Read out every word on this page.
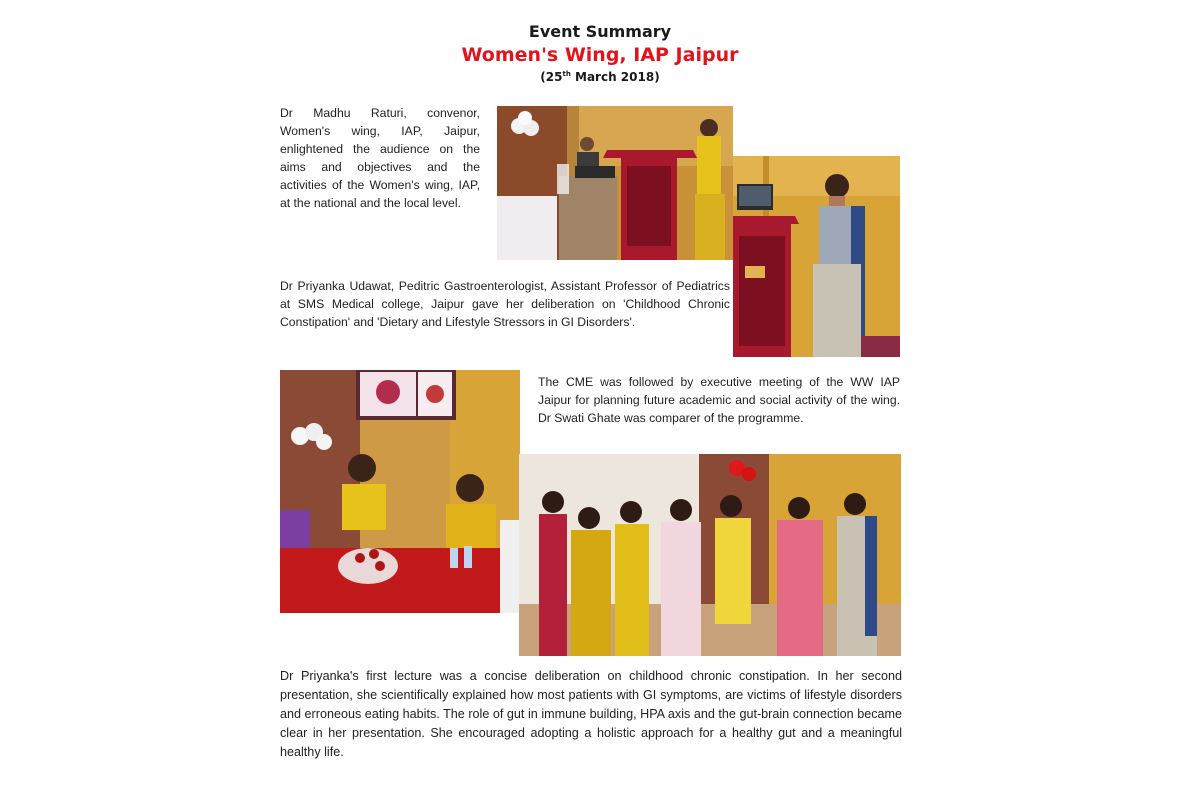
Event Summary
Women's Wing, IAP Jaipur
(25th March 2018)
Dr Madhu Raturi, convenor, Women's wing, IAP, Jaipur, enlightened the audience on the aims and objectives and the activities of the Women's wing, IAP, at the national and the local level.
Dr Priyanka Udawat, Peditric Gastroenterologist, Assistant Professor of Pediatrics at SMS Medical college, Jaipur gave her deliberation on 'Childhood Chronic Constipation' and 'Dietary and Lifestyle Stressors in GI Disorders'.
The CME was followed by executive meeting of the WW IAP Jaipur for planning future academic and social activity of the wing. Dr Swati Ghate was comparer of the programme.
Dr Priyanka's first lecture was a concise deliberation on childhood chronic constipation. In her second presentation, she scientifically explained how most patients with GI symptoms, are victims of lifestyle disorders and erroneous eating habits. The role of gut in immune building, HPA axis and the gut-brain connection became clear in her presentation. She encouraged adopting a holistic approach for a healthy gut and a meaningful healthy life.
